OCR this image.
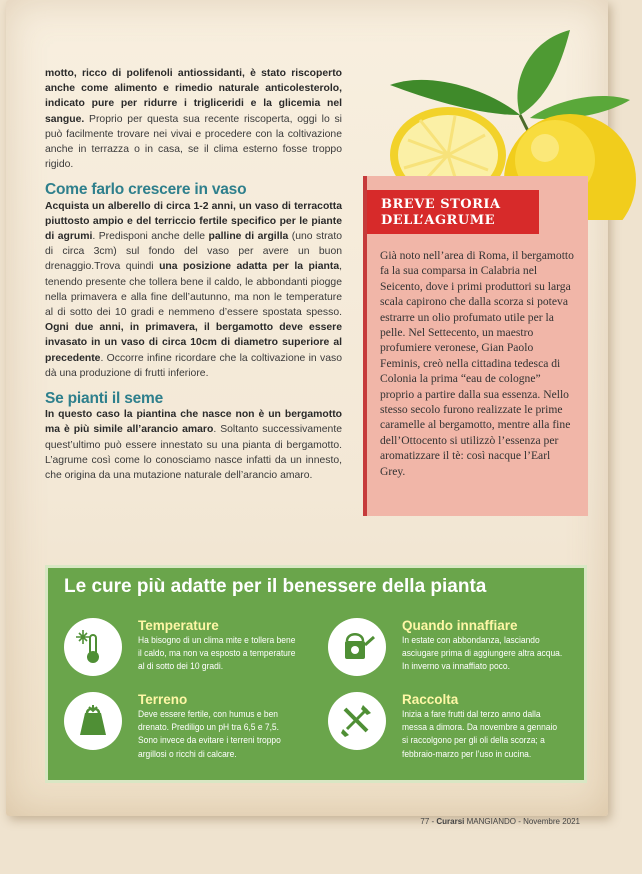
motto, ricco di polifenoli antiossidanti, è stato riscoperto anche come alimento e rimedio naturale anticolesterolo, indicato pure per ridurre i trigliceridi e la glicemia nel sangue. Proprio per questa sua recente riscoperta, oggi lo si può facilmente trovare nei vivai e procedere con la coltivazione anche in terrazza o in casa, se il clima esterno fosse troppo rigido.

Come farlo crescere in vaso

Acquista un alberello di circa 1-2 anni, un vaso di terracotta piuttosto ampio e del terriccio fertile specifico per le piante di agrumi. Predisponi anche delle palline di argilla (uno strato di circa 3cm) sul fondo del vaso per avere un buon drenaggio.Trova quindi una posizione adatta per la pianta, tenendo presente che tollera bene il caldo, le abbondanti piogge nella primavera e alla fine dell’autunno, ma non le temperature al di sotto dei 10 gradi e nemmeno d’essere spostata spesso. Ogni due anni, in primavera, il bergamotto deve essere invasato in un vaso di circa 10cm di diametro superiore al precedente. Occorre infine ricordare che la coltivazione in vaso dà una produzione di frutti inferiore.

Se pianti il seme

In questo caso la piantina che nasce non è un bergamotto ma è più simile all’arancio amaro. Soltanto successivamente quest’ultimo può essere innestato su una pianta di bergamotto. L’agrume così come lo conosciamo nasce infatti da un innesto, che origina da una mutazione naturale dell’arancio amaro.

BREVE STORIA
DELL’AGRUME
Già noto nell’area di Roma, il bergamotto fa la sua comparsa in Calabria nel Seicento, dove i primi produttori su larga scala capirono che dalla scorza si poteva estrarre un olio profumato utile per la pelle. Nel Settecento, un maestro profumiere veronese, Gian Paolo Feminis, creò nella cittadina tedesca di Colonia la prima “eau de cologne” proprio a partire dalla sua essenza. Nello stesso secolo furono realizzate le prime caramelle al bergamotto, mentre alla fine dell’Ottocento si utilizzò l’essenza per aromatizzare il tè: così nacque l’Earl Grey.
Le cure più adatte per il benessere della pianta
Temperature
Ha bisogno di un clima mite e tollera bene il caldo, ma non va esposto a temperature al di sotto dei 10 gradi.
Quando innaffiare
In estate con abbondanza, lasciando asciugare prima di aggiungere altra acqua. In inverno va innaffiato poco.
Terreno
Deve essere fertile, con humus e ben drenato. Prediligo un pH tra 6,5 e 7,5. Sono invece da evitare i terreni troppo argillosi o ricchi di calcare.
Raccolta
Inizia a fare frutti dal terzo anno dalla messa a dimora. Da novembre a gennaio si raccolgono per gli oli della scorza; a febbraio-marzo per l’uso in cucina.
77 - Curarsi MANGIANDO - Novembre 2021
